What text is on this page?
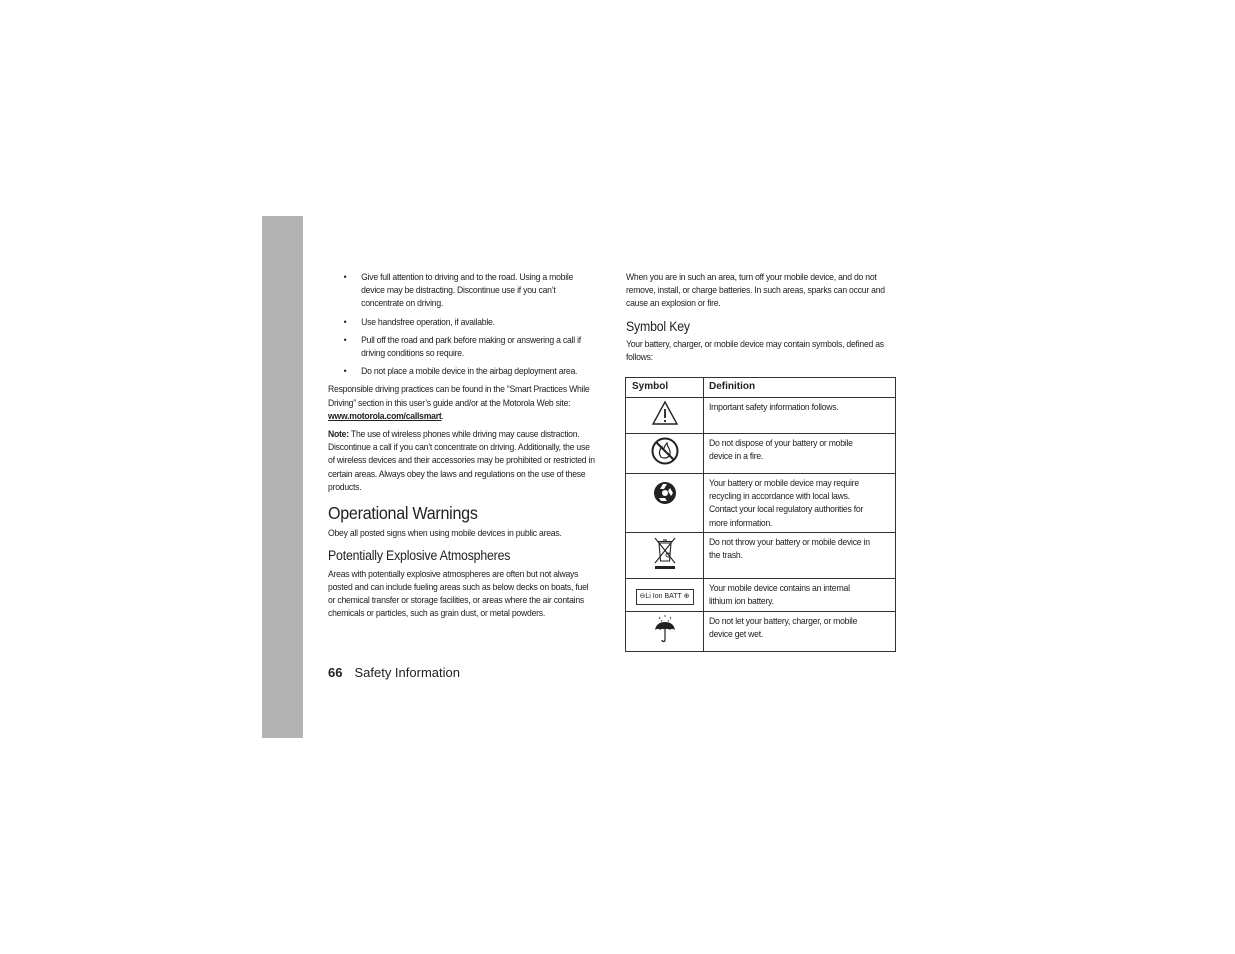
• Give full attention to driving and to the road. Using a mobile device may be distracting. Discontinue use if you can’t concentrate on driving.
• Use handsfree operation, if available.
• Pull off the road and park before making or answering a call if driving conditions so require.
• Do not place a mobile device in the airbag deployment area.

Responsible driving practices can be found in the “Smart Practices While Driving” section in this user’s guide and/or at the Motorola Web site: www.motorola.com/callsmart.

Note: The use of wireless phones while driving may cause distraction. Discontinue a call if you can’t concentrate on driving. Additionally, the use of wireless devices and their accessories may be prohibited or restricted in certain areas. Always obey the laws and regulations on the use of these products.

Operational Warnings

Obey all posted signs when using mobile devices in public areas.

Potentially Explosive Atmospheres

Areas with potentially explosive atmospheres are often but not always posted and can include fueling areas such as below decks on boats, fuel or chemical transfer or storage facilities, or areas where the air contains chemicals or particles, such as grain dust, or metal powders.

When you are in such an area, turn off your mobile device, and do not remove, install, or charge batteries. In such areas, sparks can occur and cause an explosion or fire.

Symbol Key

Your battery, charger, or mobile device may contain symbols, defined as follows:

Symbol	Definition

Important safety information follows.

Do not dispose of your battery or mobile device in a fire.

Your battery or mobile device may require recycling in accordance with local laws. Contact your local regulatory authorities for more information.

Do not throw your battery or mobile device in the trash.

⊖Li Ion BATT ⊕	Your mobile device contains an internal lithium ion battery.

Do not let your battery, charger, or mobile device get wet.
66 Safety Information
